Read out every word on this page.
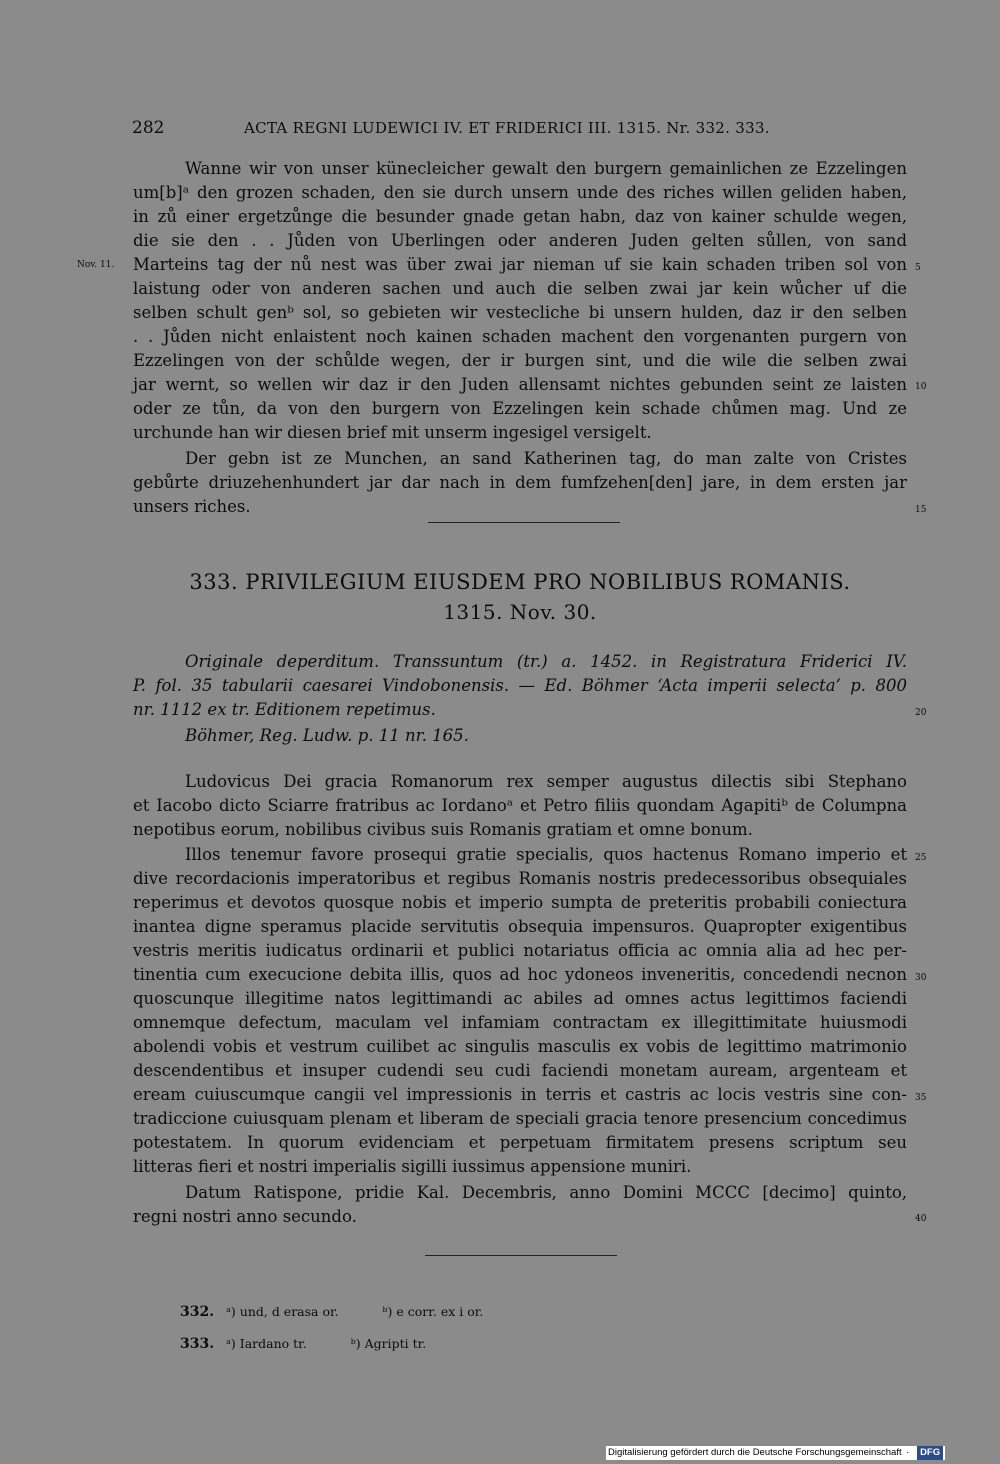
282	ACTA REGNI LUDEWICI IV. ET FRIDERICI III. 1315. Nr. 332. 333.
Wanne wir von unser künecleicher gewalt den burgern gemainlichen ze Ezzelingen
um[b]ᵃ den grozen schaden, den sie durch unsern unde des riches willen geliden haben,
in zů einer ergetzůnge die besunder gnade getan habn, daz von kainer schulde wegen,
die sie den . . Jůden von Uberlingen oder anderen Juden gelten sůllen, von sand
Nov. 11. Marteins tag der nů nest was über zwai jar nieman uf sie kain schaden triben sol von 5
laistung oder von anderen sachen und auch die selben zwai jar kein wůcher uf die
selben schult genᵇ sol, so gebieten wir vestecliche bi unsern hulden, daz ir den selben
. . Jůden nicht enlaistent noch kainen schaden machent den vorgenanten purgern von
Ezzelingen von der schůlde wegen, der ir burgen sint, und die wile die selben zwai
jar wernt, so wellen wir daz ir den Juden allensamt nichtes gebunden seint ze laisten 10
oder ze tůn, da von den burgern von Ezzelingen kein schade chůmen mag. Und ze
urchunde han wir diesen brief mit unserm ingesigel versigelt.
Der gebn ist ze Munchen, an sand Katherinen tag, do man zalte von Cristes
gebůrte driuzehenhundert jar dar nach in dem fumfzehen[den] jare, in dem ersten jar
unsers riches.	15
333. PRIVILEGIUM EIUSDEM PRO NOBILIBUS ROMANIS.
1315. Nov. 30.
Originale deperditum. Transsuntum (tr.) a. 1452. in Registratura Friderici IV.
P. fol. 35 tabularii caesarei Vindobonensis. — Ed. Böhmer ‘Acta imperii selecta’ p. 800
nr. 1112 ex tr. Editionem repetimus.	20
Böhmer, Reg. Ludw. p. 11 nr. 165.
Ludovicus Dei gracia Romanorum rex semper augustus dilectis sibi Stephano
et Iacobo dicto Sciarre fratribus ac Iordanoᵃ et Petro filiis quondam Agapitiᵇ de Columpna
nepotibus eorum, nobilibus civibus suis Romanis gratiam et omne bonum.
Illos tenemur favore prosequi gratie specialis, quos hactenus Romano imperio et 25
dive recordacionis imperatoribus et regibus Romanis nostris predecessoribus obsequiales
reperimus et devotos quosque nobis et imperio sumpta de preteritis probabili coniectura
inantea digne speramus placide servitutis obsequia impensuros. Quapropter exigentibus
vestris meritis iudicatus ordinarii et publici notariatus officia ac omnia alia ad hec per-
tinentia cum execucione debita illis, quos ad hoc ydoneos inveneritis, concedendi necnon 30
quoscunque illegitime natos legittimandi ac abiles ad omnes actus legittimos faciendi
omnemque defectum, maculam vel infamiam contractam ex illegittimitate huiusmodi
abolendi vobis et vestrum cuilibet ac singulis masculis ex vobis de legittimo matrimonio
descendentibus et insuper cudendi seu cudi faciendi monetam auream, argenteam et
eream cuiuscumque cangii vel impressionis in terris et castris ac locis vestris sine con- 35
tradiccione cuiusquam plenam et liberam de speciali gracia tenore presencium concedimus
potestatem. In quorum evidenciam et perpetuam firmitatem presens scriptum seu
litteras fieri et nostri imperialis sigilli iussimus appensione muniri.
Datum Ratispone, pridie Kal. Decembris, anno Domini MCCC [decimo] quinto,
regni nostri anno secundo.	40
332. ᵃ) und, d erasa or.	ᵇ) e corr. ex i or.
333. ᵃ) Iardano tr.	ᵇ) Agripti tr.
Digitalisierung gefördert durch die Deutsche Forschungsgemeinschaft · DFG
